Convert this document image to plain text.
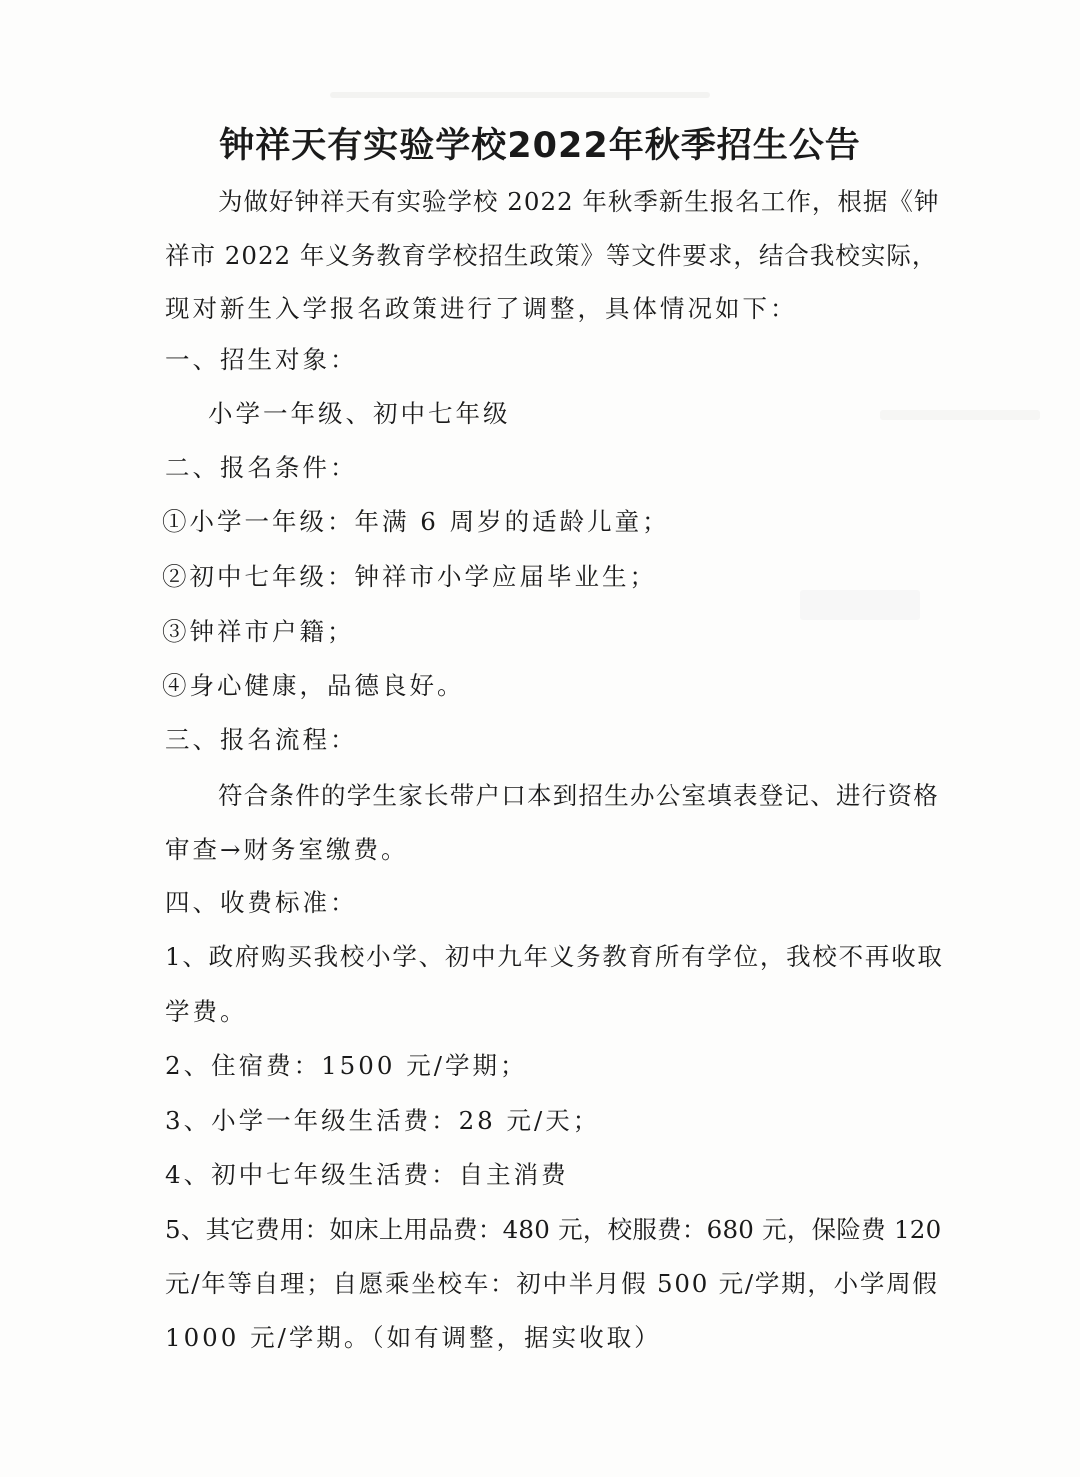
钟祥天有实验学校2022年秋季招生公告
为做好钟祥天有实验学校 2022 年秋季新生报名工作，根据《钟
祥市 2022 年义务教育学校招生政策》等文件要求，结合我校实际，
现对新生入学报名政策进行了调整，具体情况如下：
一、招生对象：
小学一年级、初中七年级
二、报名条件：
①小学一年级：年满 6 周岁的适龄儿童；
②初中七年级：钟祥市小学应届毕业生；
③钟祥市户籍；
④身心健康，品德良好。
三、报名流程：
符合条件的学生家长带户口本到招生办公室填表登记、进行资格
审查→财务室缴费。
四、收费标准：
1、政府购买我校小学、初中九年义务教育所有学位，我校不再收取
学费。
2、住宿费：1500 元/学期；
3、小学一年级生活费：28 元/天；
4、初中七年级生活费：自主消费
5、其它费用：如床上用品费：480 元，校服费：680 元，保险费 120
元/年等自理；自愿乘坐校车：初中半月假 500 元/学期，小学周假
1000 元/学期。（如有调整，据实收取）
